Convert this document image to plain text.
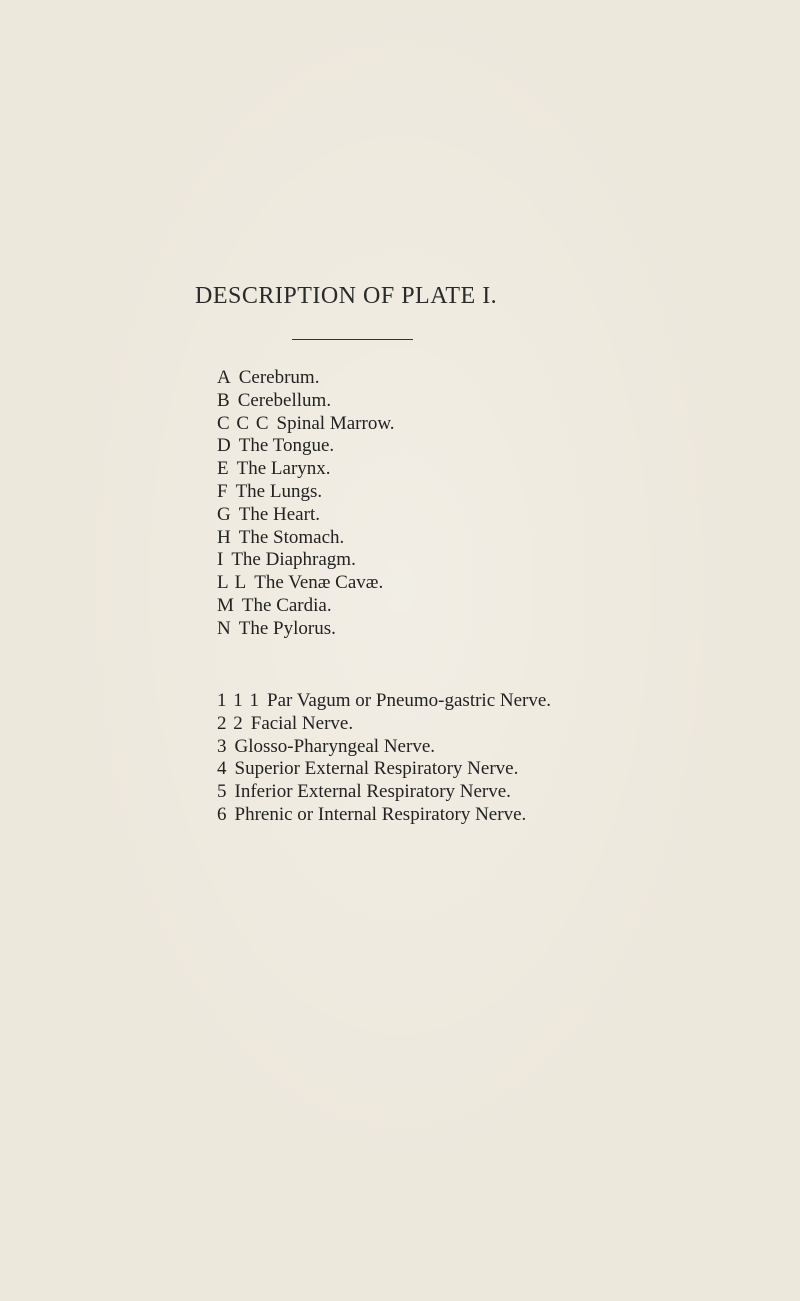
DESCRIPTION OF PLATE I.
A Cerebrum.
B Cerebellum.
C C C Spinal Marrow.
D The Tongue.
E The Larynx.
F The Lungs.
G The Heart.
H The Stomach.
I The Diaphragm.
L L The Venæ Cavæ.
M The Cardia.
N The Pylorus.
1 1 1 Par Vagum or Pneumo-gastric Nerve.
2 2 Facial Nerve.
3 Glosso-Pharyngeal Nerve.
4 Superior External Respiratory Nerve.
5 Inferior External Respiratory Nerve.
6 Phrenic or Internal Respiratory Nerve.
